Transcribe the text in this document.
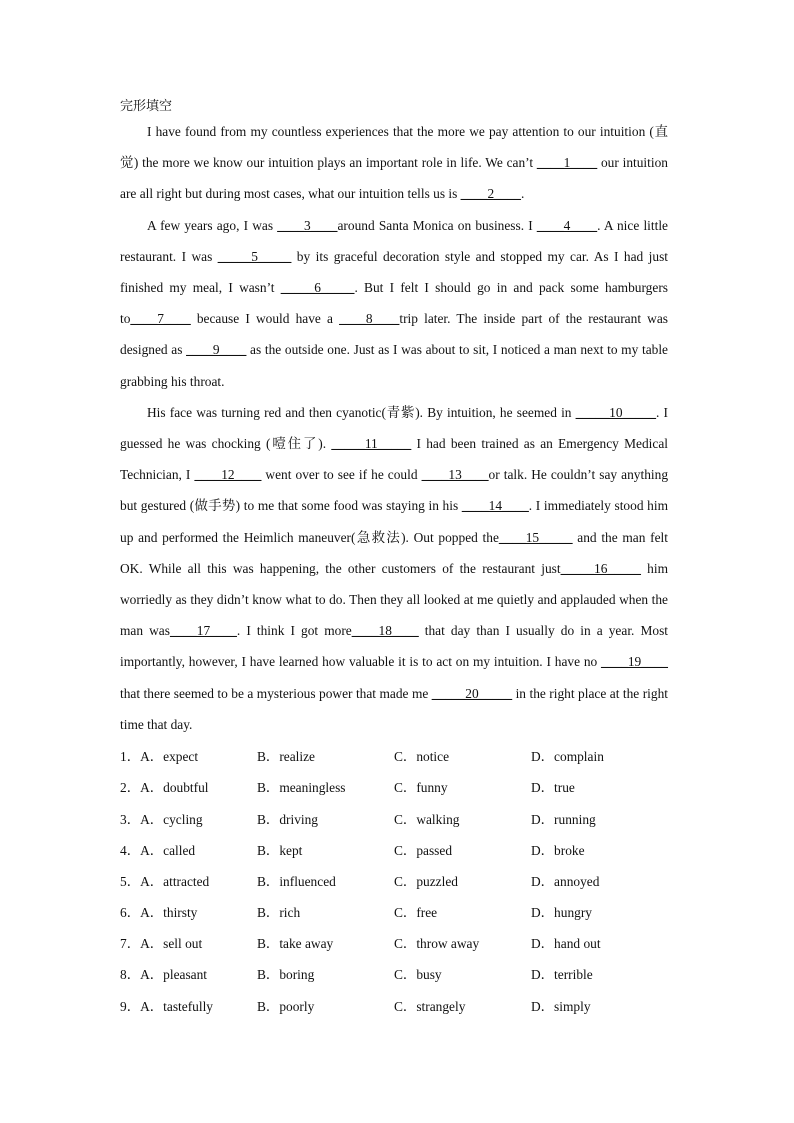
完形填空

I have found from my countless experiences that the more we pay attention to our intuition (直觉) the more we know our intuition plays an important role in life. We can’t ____1____ our intuition are all right but during most cases, what our intuition tells us is ____2____.

A few years ago, I was ____3____around Santa Monica on business. I ____4____. A nice little restaurant. I was _____5_____ by its graceful decoration style and stopped my car. As I had just finished my meal, I wasn’t _____6_____. But I felt I should go in and pack some hamburgers to____7____ because I would have a ____8____trip later. The inside part of the restaurant was designed as ____9____ as the outside one. Just as I was about to sit, I noticed a man next to my table grabbing his throat.

His face was turning red and then cyanotic(青紫). By intuition, he seemed in _____10_____. I guessed he was chocking (噎住了). _____11_____ I had been trained as an Emergency Medical Technician, I ____12____ went over to see if he could ____13____or talk. He couldn’t say anything but gestured (做手势) to me that some food was staying in his ____14____. I immediately stood him up and performed the Heimlich maneuver(急救法). Out popped the____15_____ and the man felt OK. While all this was happening, the other customers of the restaurant just_____16_____ him worriedly as they didn’t know what to do. Then they all looked at me quietly and applauded when the man was____17____. I think I got more____18____ that day than I usually do in a year. Most importantly, however, I have learned how valuable it is to act on my intuition. I have no ____19____ that there seemed to be a mysterious power that made me _____20_____ in the right place at the right time that day.

1．A．expect	B．realize	C．notice	D．complain
2．A．doubtful	B．meaningless	C．funny	D．true
3．A．cycling	B．driving	C．walking	D．running
4．A．called	B．kept	C．passed	D．broke
5．A．attracted	B．influenced	C．puzzled	D．annoyed
6．A．thirsty	B．rich	C．free	D．hungry
7．A．sell out	B．take away	C．throw away	D．hand out
8．A．pleasant	B．boring	C．busy	D．terrible
9．A．tastefully	B．poorly	C．strangely	D．simply
